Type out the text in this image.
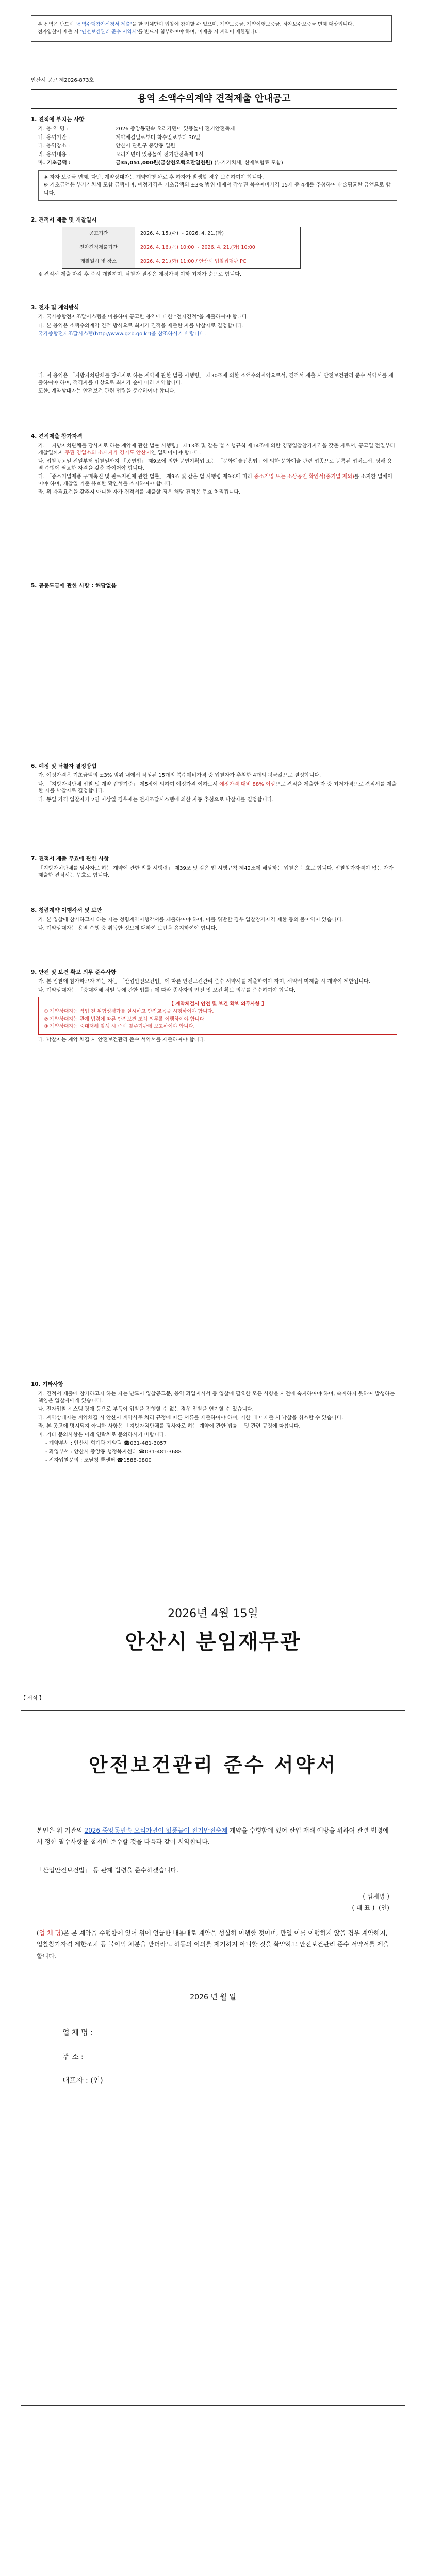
본 용역은 반드시 '용역수행참가신청서 제출'을 한 업체만이 입찰에 참여할 수 있으며, 계약보증금, 계약이행보증금, 하자보수보증금 면제 대상입니다.
전자입찰서 제출 시 '안전보건관리 준수 서약서'를 반드시 첨부하여야 하며, 미제출 시 계약이 제한됩니다.
안산시 공고 제2026-873호
용역 소액수의계약 견적제출 안내공고
1. 견적에 부치는 사항
가. 용 역 명 :	2026 중앙동민속 오리가면이 있풍놀이 전기안전축제
나. 용역기간 :	계약체결일로부터 착수일로부터 30일
다. 용역장소 :	안산시 단원구 중앙동 일원
라. 용역내용 :	오리가면이 있풍놀이 전기안전축제 1식
마. 기초금액 :	금35,051,000원(금삼천오백오만일천원)
(부가가치세, 산재보험료 포함)
※ 하자 보증금 면제. 다만, 계약상대자는 계약이행 완료 후 하자가 발생할 경우 보수하여야 합니다.
※ 기초금액은 부가가치세 포함 금액이며, 예정가격은 기초금액의 ±3% 범위 내에서 작성된 복수예비가격 15개 중 4개를 추첨하여 산술평균한 금액으로 합니다.
2. 견적서 제출 및 개찰일시
공고기간	2026. 4. 15.(수) ~ 2026. 4. 21.(화)
전자견적제출기간	2026. 4. 16.(목) 10:00 ~ 2026. 4. 21.(화) 10:00
개찰일시 및 장소	2026. 4. 21.(화) 11:00 / 안산시 입찰집행관 PC

※ 견적서 제출 마감 후 즉시 개찰하며, 낙찰자 결정은 예정가격 이하 최저가 순으로 합니다.

3. 전자 및 계약방식

가. 국가종합전자조달시스템을 이용하여 공고한 용역에 대한 "전자견적"을 제출하여야 합니다.

나. 본 용역은 소액수의계약 견적 방식으로 최저가 견적을 제출한 자를 낙찰자로 결정합니다.

국가종합전자조달시스템(http://www.g2b.go.kr)을 참조하시기 바랍니다.

다. 이 용역은 「지방자치단체를 당사자로 하는 계약에 관한 법률 시행령」 제30조에 의한 소액수의계약으로서, 견적서 제출 시 안전보건관리 준수 서약서를 제출하여야 하며, 적격자를 대상으로 최저가 순에 따라 계약합니다.

또한, 계약상대자는 안전보건 관련 법령을 준수하여야 합니다.

4. 견적제출 참가자격

가. 「지방자치단체를 당사자로 하는 계약에 관한 법률 시행령」 제13조 및 같은 법 시행규칙 제14조에 의한 경쟁입찰참가자격을 갖춘 자로서, 공고일 전일부터 개찰일까지 주된 영업소의 소재지가 경기도 안산시인 업체이어야 합니다.

나. 입찰공고일 전일부터 입찰일까지 「공연법」 제9조에 의한 공연기획업 또는 「문화예술진흥법」에 의한 문화예술 관련 업종으로 등록된 업체로서, 당해 용역 수행에 필요한 자격을 갖춘 자이어야 합니다.

다. 「중소기업제품 구매촉진 및 판로지원에 관한 법률」 제9조 및 같은 법 시행령 제9조에 따라 중소기업 또는 소상공인 확인서(중기업 제외)를 소지한 업체이어야 하며, 개찰일 기준 유효한 확인서를 소지하여야 합니다.

라. 위 자격요건을 갖추지 아니한 자가 견적서를 제출할 경우 해당 견적은 무효 처리됩니다.

5. 공동도급에 관한 사항 : 해당없음
6. 예정 및 낙찰자 결정방법

가. 예정가격은 기초금액의 ±3% 범위 내에서 작성된 15개의 복수예비가격 중 입찰자가 추첨한 4개의 평균값으로 결정합니다.

나. 「지방자치단체 입찰 및 계약 집행기준」 제5장에 의하여 예정가격 이하로서 예정가격 대비 88% 이상으로 견적을 제출한 자 중 최저가격으로 견적서를 제출한 자를 낙찰자로 결정합니다.

다. 동일 가격 입찰자가 2인 이상일 경우에는 전자조달시스템에 의한 자동 추첨으로 낙찰자를 결정합니다.

7. 견적서 제출 무효에 관한 사항

「지방자치단체를 당사자로 하는 계약에 관한 법률 시행령」 제39조 및 같은 법 시행규칙 제42조에 해당하는 입찰은 무효로 합니다. 입찰참가자격이 없는 자가 제출한 견적서는 무효로 합니다.

8. 청렴계약 이행각서 및 보안

가. 본 입찰에 참가하고자 하는 자는 청렴계약이행각서를 제출하여야 하며, 이를 위반할 경우 입찰참가자격 제한 등의 불이익이 있습니다.

나. 계약상대자는 용역 수행 중 취득한 정보에 대하여 보안을 유지하여야 합니다.

9. 안전 및 보건 확보 의무 준수사항

가. 본 입찰에 참가하고자 하는 자는 「산업안전보건법」에 따른 안전보건관리 준수 서약서를 제출하여야 하며, 서약서 미제출 시 계약이 제한됩니다.

나. 계약상대자는 「중대재해 처벌 등에 관한 법률」에 따라 종사자의 안전 및 보건 확보 의무를 준수하여야 합니다.

【 계약체결시 안전 및 보건 확보 의무사항 】
① 계약상대자는 작업 전 위험성평가를 실시하고 안전교육을 시행하여야 합니다.
② 계약상대자는 관계 법령에 따른 안전보건 조치 의무를 이행하여야 합니다.
③ 계약상대자는 중대재해 발생 시 즉시 발주기관에 보고하여야 합니다.

다. 낙찰자는 계약 체결 시 안전보건관리 준수 서약서를 제출하여야 합니다.

10. 기타사항

가. 견적서 제출에 참가하고자 하는 자는 반드시 입찰공고문, 용역 과업지시서 등 입찰에 필요한 모든 사항을 사전에 숙지하여야 하며, 숙지하지 못하여 발생하는 책임은 입찰자에게 있습니다.

나. 전자입찰 시스템 장애 등으로 부득이 입찰을 진행할 수 없는 경우 입찰을 연기할 수 있습니다.

다. 계약상대자는 계약체결 시 안산시 계약사무 처리 규정에 따른 서류를 제출하여야 하며, 기한 내 미제출 시 낙찰을 취소할 수 있습니다.

라. 본 공고에 명시되지 아니한 사항은 「지방자치단체를 당사자로 하는 계약에 관한 법률」 및 관련 규정에 따릅니다.

마. 기타 문의사항은 아래 연락처로 문의하시기 바랍니다.

- 계약부서 : 안산시 회계과 계약팀 ☎031-481-3057

- 과업부서 : 안산시 중앙동 행정복지센터 ☎031-481-3688

- 전자입찰문의 : 조달청 콜센터 ☎1588-0800

2026년 4월 15일
안산시 분임재무관
【 서식 】
안전보건관리 준수 서약서

본인은 위 기관의 2026 중앙동민속 오리가면이 있풍놀이 전기안전축제 계약을 수행함에 있어 산업 재해 예방을 위하여 관련 법령에서 정한 필수사항을 철저히 준수할 것을 다음과 같이 서약합니다.

「산업안전보건법」 등 관계 법령을 준수하겠습니다.

( 업체명 )
( 대 표 )
(인)

(업 체 명)은 본 계약을 수행함에 있어 위에 언급한 내용대로 계약을 성실히 이행할 것이며, 만일 이를 이행하지 않을 경우 계약해지, 입찰참가자격 제한조치 등 불이익 처분을 받더라도 하등의 이의를 제기하지 아니할 것을 확약하고 안전보건관리 준수 서약서를 제출합니다.

2026 년 월 일
업 체 명 :
주 소 :
대표자 : (인)
